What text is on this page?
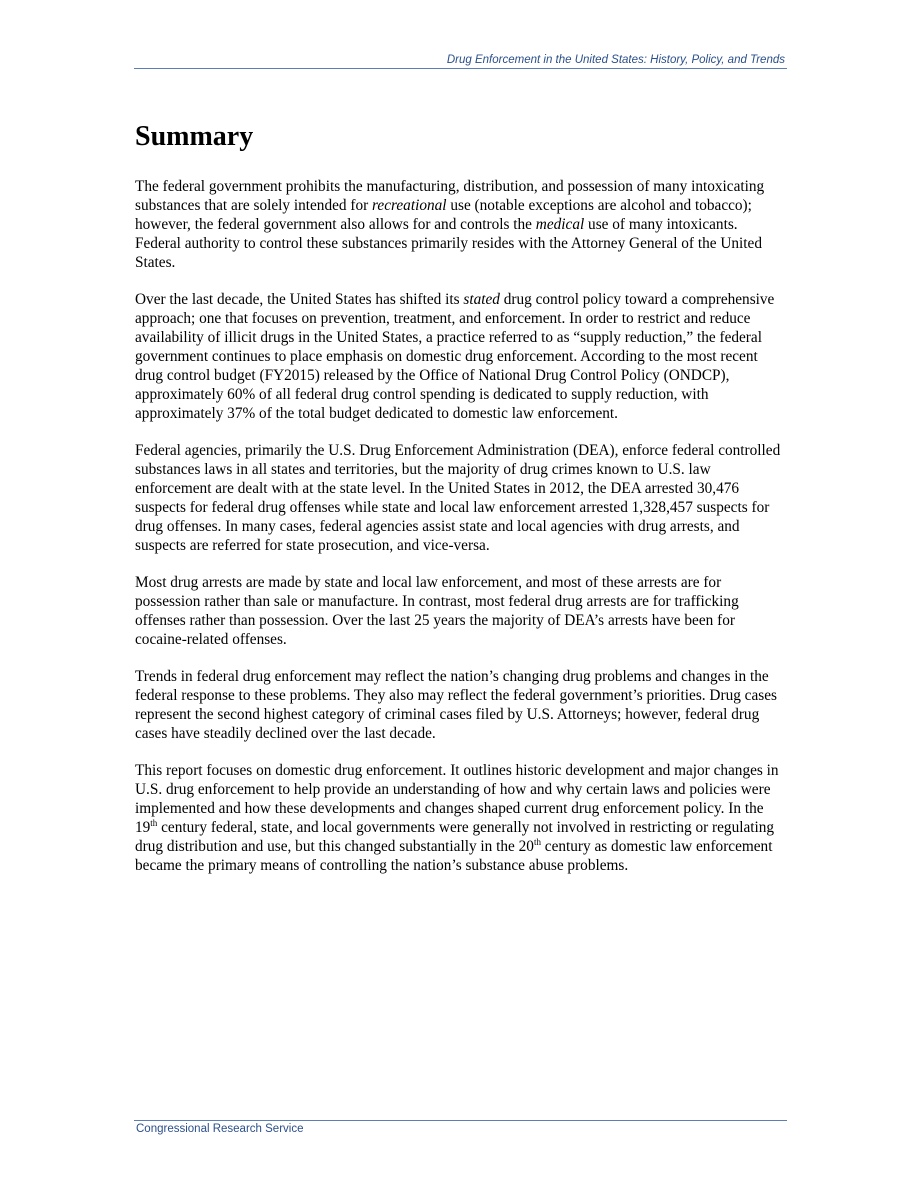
Drug Enforcement in the United States: History, Policy, and Trends
Summary

The federal government prohibits the manufacturing, distribution, and possession of many intoxicating substances that are solely intended for recreational use (notable exceptions are alcohol and tobacco); however, the federal government also allows for and controls the medical use of many intoxicants. Federal authority to control these substances primarily resides with the Attorney General of the United States.

Over the last decade, the United States has shifted its stated drug control policy toward a comprehensive approach; one that focuses on prevention, treatment, and enforcement. In order to restrict and reduce availability of illicit drugs in the United States, a practice referred to as “supply reduction,” the federal government continues to place emphasis on domestic drug enforcement. According to the most recent drug control budget (FY2015) released by the Office of National Drug Control Policy (ONDCP), approximately 60% of all federal drug control spending is dedicated to supply reduction, with approximately 37% of the total budget dedicated to domestic law enforcement.

Federal agencies, primarily the U.S. Drug Enforcement Administration (DEA), enforce federal controlled substances laws in all states and territories, but the majority of drug crimes known to U.S. law enforcement are dealt with at the state level. In the United States in 2012, the DEA arrested 30,476 suspects for federal drug offenses while state and local law enforcement arrested 1,328,457 suspects for drug offenses. In many cases, federal agencies assist state and local agencies with drug arrests, and suspects are referred for state prosecution, and vice-versa.

Most drug arrests are made by state and local law enforcement, and most of these arrests are for possession rather than sale or manufacture. In contrast, most federal drug arrests are for trafficking offenses rather than possession. Over the last 25 years the majority of DEA’s arrests have been for cocaine-related offenses.

Trends in federal drug enforcement may reflect the nation’s changing drug problems and changes in the federal response to these problems. They also may reflect the federal government’s priorities. Drug cases represent the second highest category of criminal cases filed by U.S. Attorneys; however, federal drug cases have steadily declined over the last decade.

This report focuses on domestic drug enforcement. It outlines historic development and major changes in U.S. drug enforcement to help provide an understanding of how and why certain laws and policies were implemented and how these developments and changes shaped current drug enforcement policy. In the 19th century federal, state, and local governments were generally not involved in restricting or regulating drug distribution and use, but this changed substantially in the 20th century as domestic law enforcement became the primary means of controlling the nation’s substance abuse problems.

Congressional Research Service
